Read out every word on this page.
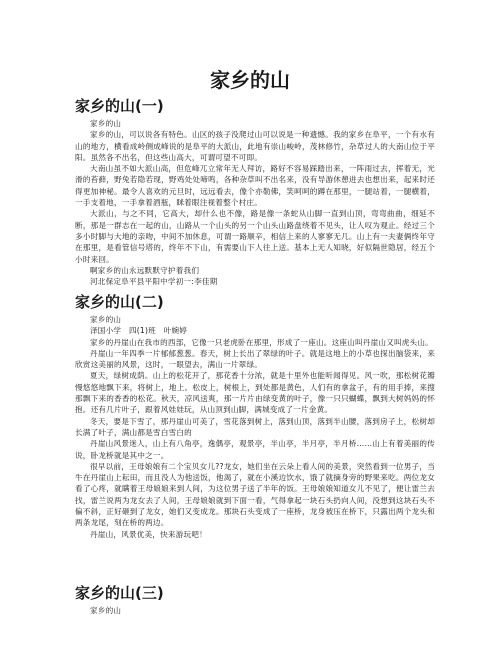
家乡的山
家乡的山(一)

家乡的山

家乡的山，可以说各有特色。山区的孩子没爬过山可以说是一种遗憾。我的家乡在阜平，一个有水有山的地方，横看成岭侧成峰说的是阜平的大派山，此地有崇山峻岭，茂林修竹，杂草过人的大南山位于平阳。虽然各不出名，但这些山高大，可谓可望不可即。

大南山虽不如大派山高，但危峰兀立常年无人拜访，路好不容易踩踏出来，一阵雨过去，挥着无，光滑的苔藓，野兔若隐若现，野鸡处处啼鸣，各种杂草叫不出名来，没有导游休憩进去也想出来，起来时还得更加神秘。最令人喜欢的元旦时，远远看去，像个亦勒佛，笑呵呵的蹲在那里，一腿站着，一腿横着，一手支着地，一手拿着酒瓶，眯着眼注视着整个村庄。

大派山，与之不同，它高大，却什么也不像，路是像一条蛇从山脚一直到山顶，弯弯曲曲，细延不断，那是一群志在一起的山，山路从一个山头的另一个山头山路盘绕着不见头，让人叹为观止。经过三个多小时脚与大地的亲吻，中间不加休息，可谓一路顺辛，相信上来的人寥寥无几。山上有一夫妻俩终年守在那里，是看管信号塔的，终年不下山，有需要山下人往上送。基本上无人知晓，好似隔世隐居，经五个小时来回。

啊家乡的山永远默默守护着我们

河北保定阜平县平阳中学初一:李佳期

家乡的山(二)

家乡的山

泽国小学　四(1)班　叶婉婷

家乡的丹崖山在我市的西部，它像一只老虎卧在那里，形成了一座山。这座山叫丹崖山又叫虎头山。

丹崖山一年四季一片郁郁葱葱。春天，树上长出了翠绿的叶子。就是这地上的小草也探出脑袋来，来欣赏这美丽的风景，这时，一眼望去，满山一片翠绿。

夏天，绿树成荫。山上的松花开了，那花香十分浓，就是十里外也能听闻得见。风一吹，那松树花瓣慢悠悠地飘下来，将树上，地上。松皮上，树根上，到处都是黄色，人们有的拿盆子，有的用手捧，来搜那飘下来的香香的松花。秋天，凉风送爽，那一片片由绿变黄的叶子，像一只只蝴蝶，飘到大树妈妈的怀抱。还有几片叶子，跟着风娃娃玩，从山顶到山脚，满城变成了一片金黄。

冬天，要是下雪了，那丹崖山可美了，雪花落到树上，落到山顶，落到半山腰，落到房子上，松树却长满了叶子，满山都是雪白雪白的

丹崖山风景迷人，山上有八角亭，逸偶亭，观景亭，半山亭，半月亭，半月桥……山上有着美丽的传说，卧龙桥就是其中之一。

很早以前，王母娘娘有二个宝贝女儿??龙女，她们坐在云朵上看人间的美景，突然看到一位男子，当牛在丹崖山上耘田，而且没人为他送饭，他渴了，就在小溪边饮水，饿了就摘身旁的野果来吃。两位龙女看了心疼，就瞒着王母娘娘来到人间，为这位男子送了半年的饭。王母娘娘知道女儿不见了，便让雷兰去找，雷兰说两为龙女去了人间，王母娘娘就到下面一看，气得拿起一块石头扔向人间，没想到这块石头不偏不斜，正好砸到了龙女，她们又变成龙。那块石头变成了一座桥，龙身被压在桥下，只露出两个龙头和两条龙尾，刻在桥的两边。

丹崖山，风景优美，快来游玩吧！

家乡的山(三)

家乡的山
